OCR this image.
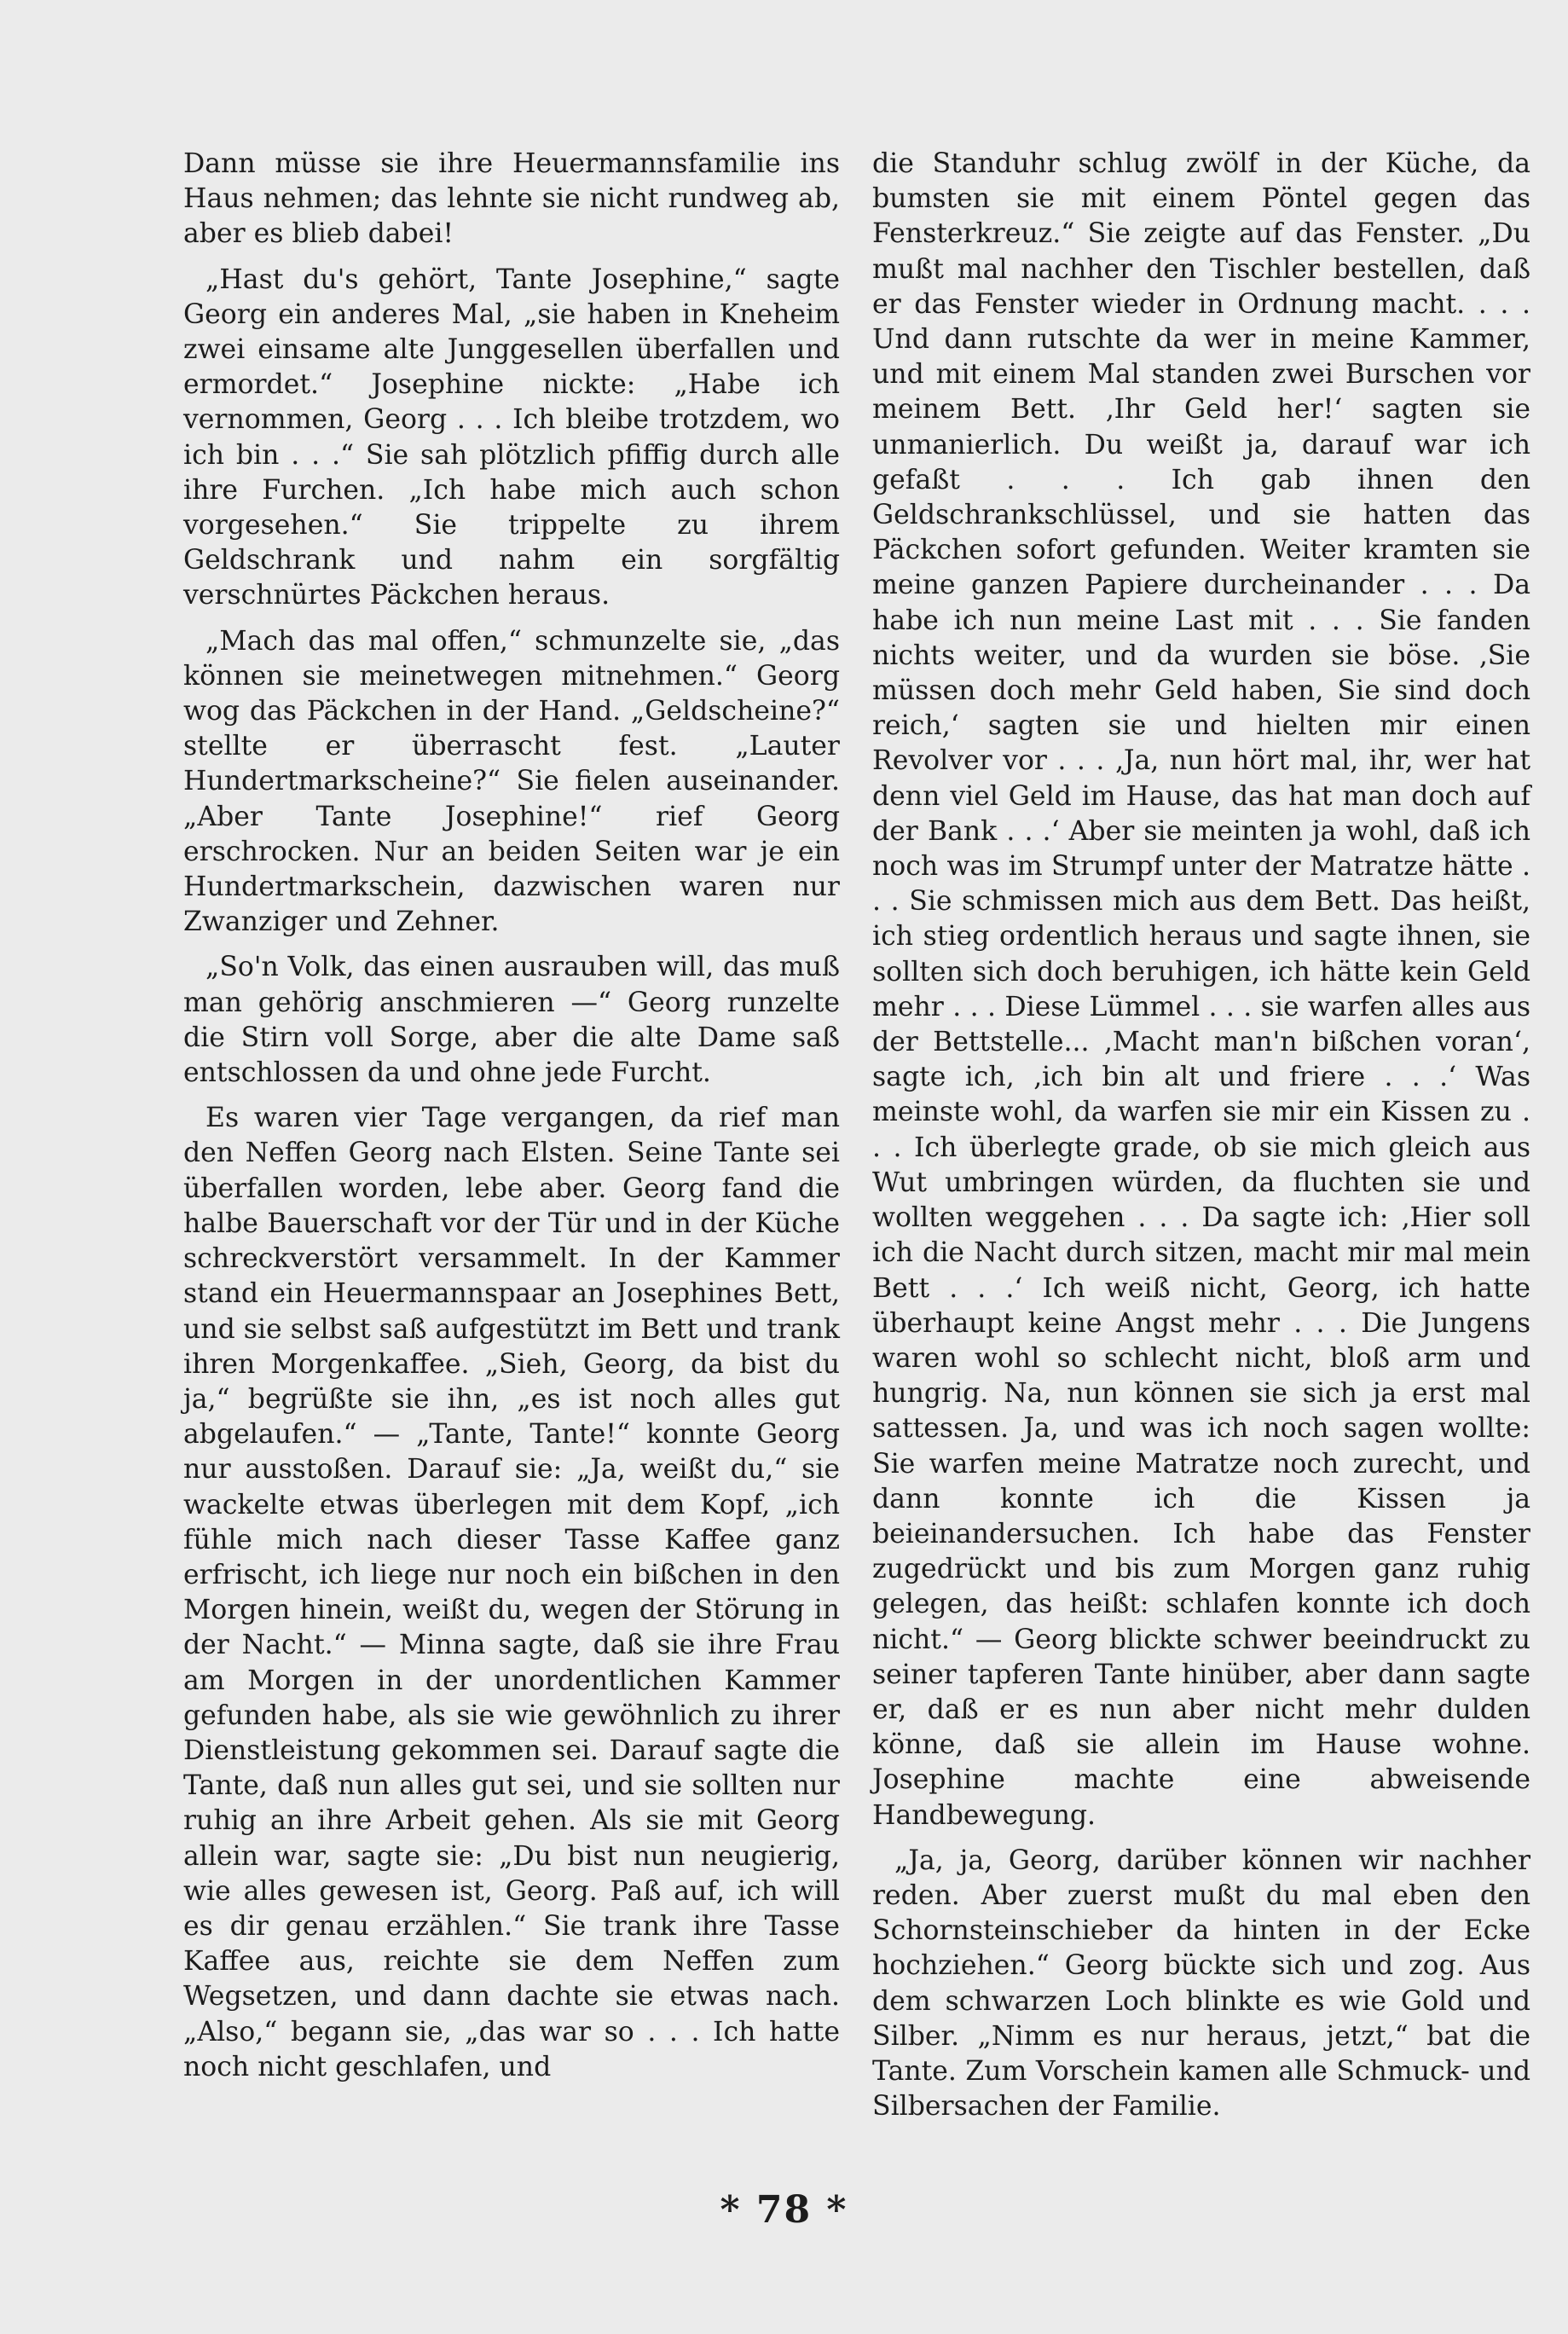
Dann müsse sie ihre Heuermannsfamilie ins Haus nehmen; das lehnte sie nicht rundweg ab, aber es blieb dabei!

„Hast du's gehört, Tante Josephine,“ sagte Georg ein anderes Mal, „sie haben in Kneheim zwei einsame alte Junggesellen überfallen und ermordet.“ Josephine nickte: „Habe ich vernommen, Georg . . . Ich bleibe trotzdem, wo ich bin . . .“ Sie sah plötzlich pfiffig durch alle ihre Furchen. „Ich habe mich auch schon vorgesehen.“ Sie trippelte zu ihrem Geldschrank und nahm ein sorgfältig verschnürtes Päckchen heraus.

„Mach das mal offen,“ schmunzelte sie, „das können sie meinetwegen mitnehmen.“ Georg wog das Päckchen in der Hand. „Geldscheine?“ stellte er überrascht fest. „Lauter Hundertmarkscheine?“ Sie fielen auseinander. „Aber Tante Josephine!“ rief Georg erschrocken. Nur an beiden Seiten war je ein Hundertmarkschein, dazwischen waren nur Zwanziger und Zehner.

„So'n Volk, das einen ausrauben will, das muß man gehörig anschmieren —“ Georg runzelte die Stirn voll Sorge, aber die alte Dame saß entschlossen da und ohne jede Furcht.

Es waren vier Tage vergangen, da rief man den Neffen Georg nach Elsten. Seine Tante sei überfallen worden, lebe aber. Georg fand die halbe Bauerschaft vor der Tür und in der Küche schreckverstört versammelt. In der Kammer stand ein Heuermannspaar an Josephines Bett, und sie selbst saß aufgestützt im Bett und trank ihren Morgenkaffee. „Sieh, Georg, da bist du ja,“ begrüßte sie ihn, „es ist noch alles gut abgelaufen.“ — „Tante, Tante!“ konnte Georg nur ausstoßen. Darauf sie: „Ja, weißt du,“ sie wackelte etwas überlegen mit dem Kopf, „ich fühle mich nach dieser Tasse Kaffee ganz erfrischt, ich liege nur noch ein bißchen in den Morgen hinein, weißt du, wegen der Störung in der Nacht.“ — Minna sagte, daß sie ihre Frau am Morgen in der unordentlichen Kammer gefunden habe, als sie wie gewöhnlich zu ihrer Dienstleistung gekommen sei. Darauf sagte die Tante, daß nun alles gut sei, und sie sollten nur ruhig an ihre Arbeit gehen. Als sie mit Georg allein war, sagte sie: „Du bist nun neugierig, wie alles gewesen ist, Georg. Paß auf, ich will es dir genau erzählen.“ Sie trank ihre Tasse Kaffee aus, reichte sie dem Neffen zum Wegsetzen, und dann dachte sie etwas nach. „Also,“ begann sie, „das war so . . . Ich hatte noch nicht geschlafen, und

die Standuhr schlug zwölf in der Küche, da bumsten sie mit einem Pöntel gegen das Fensterkreuz.“ Sie zeigte auf das Fenster. „Du mußt mal nachher den Tischler bestellen, daß er das Fenster wieder in Ordnung macht. . . . Und dann rutschte da wer in meine Kammer, und mit einem Mal standen zwei Burschen vor meinem Bett. ‚Ihr Geld her!‘ sagten sie unmanierlich. Du weißt ja, darauf war ich gefaßt . . . Ich gab ihnen den Geldschrankschlüssel, und sie hatten das Päckchen sofort gefunden. Weiter kramten sie meine ganzen Papiere durcheinander . . . Da habe ich nun meine Last mit . . . Sie fanden nichts weiter, und da wurden sie böse. ‚Sie müssen doch mehr Geld haben, Sie sind doch reich,‘ sagten sie und hielten mir einen Revolver vor . . . ‚Ja, nun hört mal, ihr, wer hat denn viel Geld im Hause, das hat man doch auf der Bank . . .‘ Aber sie meinten ja wohl, daß ich noch was im Strumpf unter der Matratze hätte . . . Sie schmissen mich aus dem Bett. Das heißt, ich stieg ordentlich heraus und sagte ihnen, sie sollten sich doch beruhigen, ich hätte kein Geld mehr . . . Diese Lümmel . . . sie warfen alles aus der Bettstelle... ‚Macht man'n bißchen voran‘, sagte ich, ‚ich bin alt und friere . . .‘ Was meinste wohl, da warfen sie mir ein Kissen zu . . . Ich überlegte grade, ob sie mich gleich aus Wut umbringen würden, da fluchten sie und wollten weggehen . . . Da sagte ich: ‚Hier soll ich die Nacht durch sitzen, macht mir mal mein Bett . . .‘ Ich weiß nicht, Georg, ich hatte überhaupt keine Angst mehr . . . Die Jungens waren wohl so schlecht nicht, bloß arm und hungrig. Na, nun können sie sich ja erst mal sattessen. Ja, und was ich noch sagen wollte: Sie warfen meine Matratze noch zurecht, und dann konnte ich die Kissen ja beieinandersuchen. Ich habe das Fenster zugedrückt und bis zum Morgen ganz ruhig gelegen, das heißt: schlafen konnte ich doch nicht.“ — Georg blickte schwer beeindruckt zu seiner tapferen Tante hinüber, aber dann sagte er, daß er es nun aber nicht mehr dulden könne, daß sie allein im Hause wohne. Josephine machte eine abweisende Handbewegung.

„Ja, ja, Georg, darüber können wir nachher reden. Aber zuerst mußt du mal eben den Schornsteinschieber da hinten in der Ecke hochziehen.“ Georg bückte sich und zog. Aus dem schwarzen Loch blinkte es wie Gold und Silber. „Nimm es nur heraus, jetzt,“ bat die Tante. Zum Vorschein kamen alle Schmuck- und Silbersachen der Familie.

* 78 *
